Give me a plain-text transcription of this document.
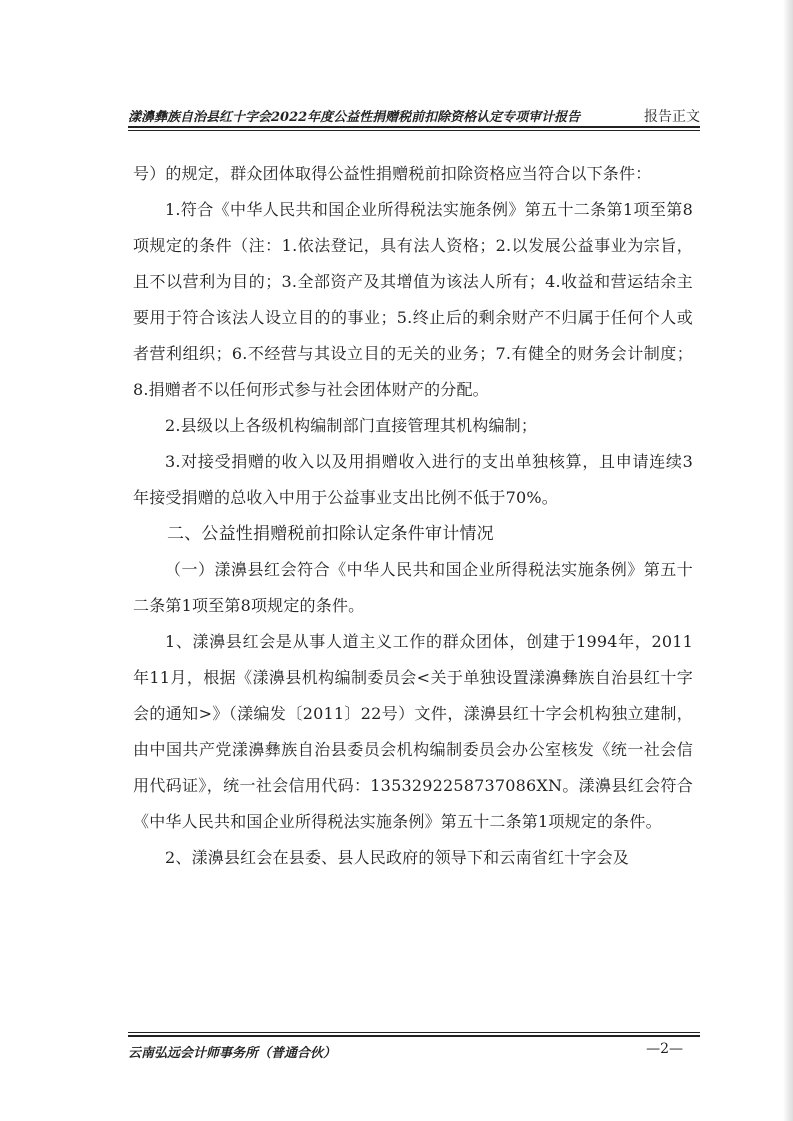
漾濞彝族自治县红十字会2022年度公益性捐赠税前扣除资格认定专项审计报告	报告正文

号）的规定，群众团体取得公益性捐赠税前扣除资格应当符合以下条件：

1.符合《中华人民共和国企业所得税法实施条例》第五十二条第1项至第8项规定的条件（注：1.依法登记，具有法人资格；2.以发展公益事业为宗旨，且不以营利为目的；3.全部资产及其增值为该法人所有；4.收益和营运结余主要用于符合该法人设立目的的事业；5.终止后的剩余财产不归属于任何个人或者营利组织；6.不经营与其设立目的无关的业务；7.有健全的财务会计制度；8.捐赠者不以任何形式参与社会团体财产的分配。

2.县级以上各级机构编制部门直接管理其机构编制；

3.对接受捐赠的收入以及用捐赠收入进行的支出单独核算，且申请连续3年接受捐赠的总收入中用于公益事业支出比例不低于70%。

二、公益性捐赠税前扣除认定条件审计情况

（一）漾濞县红会符合《中华人民共和国企业所得税法实施条例》第五十二条第1项至第8项规定的条件。

1、漾濞县红会是从事人道主义工作的群众团体，创建于1994年，2011年11月，根据《漾濞县机构编制委员会<关于单独设置漾濞彝族自治县红十字会的通知>》（漾编发〔2011〕22号）文件，漾濞县红十字会机构独立建制，由中国共产党漾濞彝族自治县委员会机构编制委员会办公室核发《统一社会信用代码证》，统一社会信用代码：1353292258737086XN。漾濞县红会符合《中华人民共和国企业所得税法实施条例》第五十二条第1项规定的条件。

2、漾濞县红会在县委、县人民政府的领导下和云南省红十字会及

云南弘远会计师事务所（普通合伙）	—2—
